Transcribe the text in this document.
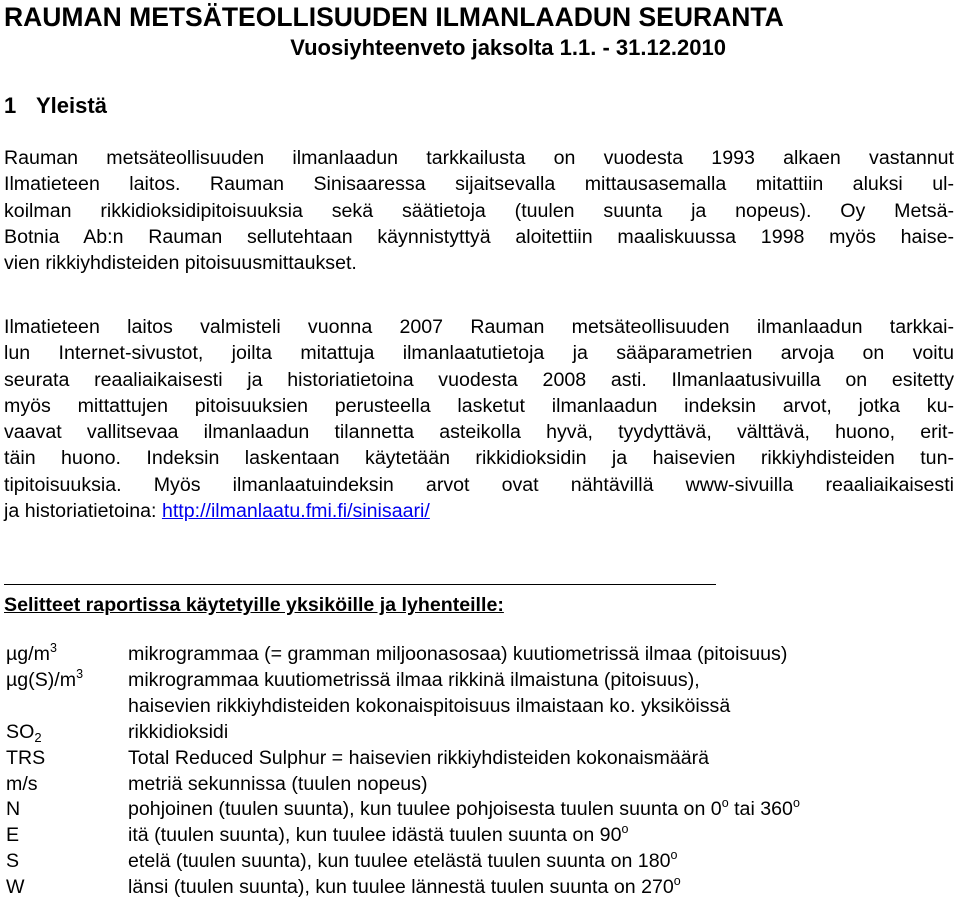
RAUMAN METSÄTEOLLISUUDEN ILMANLAADUN SEURANTA
Vuosiyhteenveto jaksolta 1.1. - 31.12.2010
1 Yleistä

Rauman metsäteollisuuden ilmanlaadun tarkkailusta on vuodesta 1993 alkaen vastannut
Ilmatieteen laitos. Rauman Sinisaaressa sijaitsevalla mittausasemalla mitattiin aluksi ul-
koilman rikkidioksidipitoisuuksia sekä säätietoja (tuulen suunta ja nopeus). Oy Metsä-
Botnia Ab:n Rauman sellutehtaan käynnistyttyä aloitettiin maaliskuussa 1998 myös haise-
vien rikkiyhdisteiden pitoisuusmittaukset.

Ilmatieteen laitos valmisteli vuonna 2007 Rauman metsäteollisuuden ilmanlaadun tarkkai-
lun Internet-sivustot, joilta mitattuja ilmanlaatutietoja ja sääparametrien arvoja on voitu
seurata reaaliaikaisesti ja historiatietoina vuodesta 2008 asti. Ilmanlaatusivuilla on esitetty
myös mittattujen pitoisuuksien perusteella lasketut ilmanlaadun indeksin arvot, jotka ku-
vaavat vallitsevaa ilmanlaadun tilannetta asteikolla hyvä, tyydyttävä, välttävä, huono, erit-
täin huono. Indeksin laskentaan käytetään rikkidioksidin ja haisevien rikkiyhdisteiden tun-
tipitoisuuksia. Myös ilmanlaatuindeksin arvot ovat nähtävillä www-sivuilla reaaliaikaisesti
ja historiatietoina: http://ilmanlaatu.fmi.fi/sinisaari/

Selitteet raportissa käytetyille yksiköille ja lyhenteille:
$\mu g/m^3$	mikrogrammaa (= gramman miljoonasosaa) kuutiometrissä ilmaa (pitoisuus)
$\mu g(S)/m^3$	mikrogrammaa kuutiometrissä ilmaa rikkinä ilmaistuna (pitoisuus),
haisevien rikkiyhdisteiden kokonaispitoisuus ilmaistaan ko. yksiköissä
$SO_2$	rikkidioksidi
TRS	Total Reduced Sulphur = haisevien rikkiyhdisteiden kokonaismäärä
m/s	metriä sekunnissa (tuulen nopeus)
N	pohjoinen (tuulen suunta), kun tuulee pohjoisesta tuulen suunta on 0$^o$ tai 360$^o$
E	itä (tuulen suunta), kun tuulee idästä tuulen suunta on 90$^o$
S	etelä (tuulen suunta), kun tuulee etelästä tuulen suunta on 180$^o$
W	länsi (tuulen suunta), kun tuulee lännestä tuulen suunta on 270$^o$
